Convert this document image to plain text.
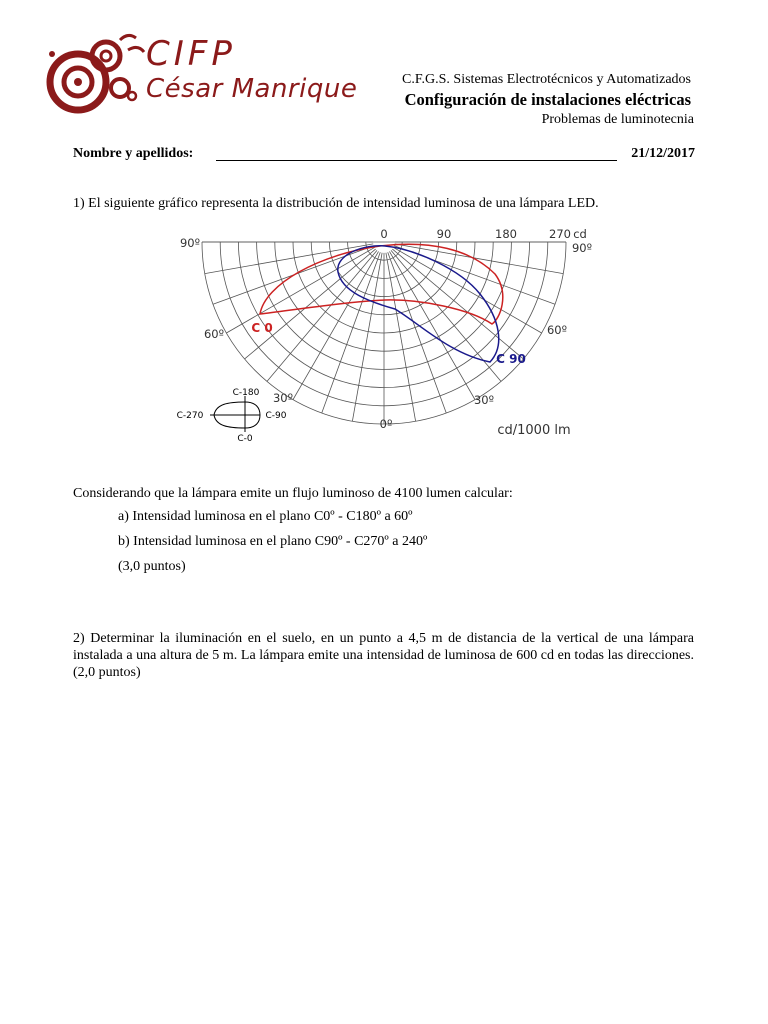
CIFP
César Manrique	C.F.G.S. Sistemas Electrotécnicos y Automatizados
Configuración de instalaciones eléctricas
Problemas de luminotecnia
Nombre y apellidos:	21/12/2017
1) El siguiente gráfico representa la distribución de intensidad luminosa de una lámpara LED.
0	90	180	270 cd
90º	90º
60º	60º
30º	30º
0º	cd/1000 lm
C 0
C 90
C-180
C-270	C-90
C-0
Considerando que la lámpara emite un flujo luminoso de 4100 lumen calcular:
a) Intensidad luminosa en el plano C0º - C180º a 60º
b) Intensidad luminosa en el plano C90º - C270º a 240º
(3,0 puntos)
2) Determinar la iluminación en el suelo, en un punto a 4,5 m de distancia de la vertical de una lámpara instalada a una altura de 5 m. La lámpara emite una intensidad de luminosa de 600 cd en todas las direcciones. (2,0 puntos)
